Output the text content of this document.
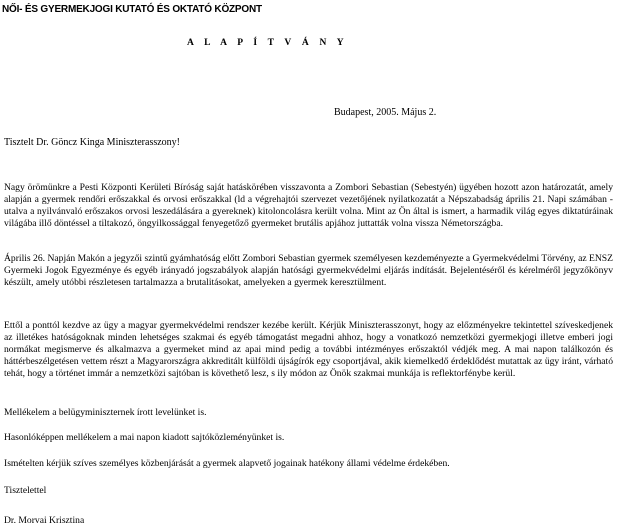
NŐI- ÉS GYERMEKJOGI KUTATÓ ÉS OKTATÓ KÖZPONT
A L A P Í T V Á N Y
Budapest, 2005. Május 2.
Tisztelt Dr. Göncz Kinga Miniszterasszony!
Nagy örömünkre a Pesti Központi Kerületi Bíróság saját hatáskörében visszavonta a Zombori Sebastian (Sebestyén) ügyében hozott azon határozatát, amely alapján a gyermek rendőri erőszakkal és orvosi erőszakkal (ld a végrehajtói szervezet vezetőjének nyilatkozatát a Népszabadság április 21. Napi számában - utalva a nyilvánvaló erőszakos orvosi leszedálására a gyereknek) kitoloncolásra került volna. Mint az Ön által is ismert, a harmadik világ egyes diktatúráinak világába illő döntéssel a tiltakozó, öngyilkossággal fenyegetőző gyermeket brutális apjához juttatták volna vissza Németországba.
Április 26. Napján Makón a jegyzői szintű gyámhatóság előtt Zombori Sebastian gyermek személyesen kezdeményezte a Gyermekvédelmi Törvény, az ENSZ Gyermeki Jogok Egyezménye és egyéb irányadó jogszabályok alapján hatósági gyermekvédelmi eljárás indítását. Bejelentéséről és kérelméről jegyzőkönyv készült, amely utóbbi részletesen tartalmazza a brutalitásokat, amelyeken a gyermek keresztülment.
Ettől a ponttól kezdve az ügy a magyar gyermekvédelmi rendszer kezébe került. Kérjük Miniszterasszonyt, hogy az előzményekre tekintettel szíveskedjenek az illetékes hatóságoknak minden lehetséges szakmai és egyéb támogatást megadni ahhoz, hogy a vonatkozó nemzetközi gyermekjogi illetve emberi jogi normákat megismerve és alkalmazva a gyermeket mind az apai mind pedig a további intézményes erőszaktól védjék meg. A mai napon találkozón és háttérbeszélgetésen vettem részt a Magyarországra akkreditált külföldi újságírók egy csoportjával, akik kiemelkedő érdeklődést mutattak az ügy iránt, várható tehát, hogy a történet immár a nemzetközi sajtóban is követhető lesz, s ily módon az Önök szakmai munkája is reflektorfénybe kerül.
Mellékelem a belügyminiszternek írott levelünket is.
Hasonlóképpen mellékelem a mai napon kiadott sajtóközleményünket is.
Ismételten kérjük szíves személyes közbenjárását a gyermek alapvető jogainak hatékony állami védelme érdekében.
Tisztelettel
Dr. Morvai Krisztina
